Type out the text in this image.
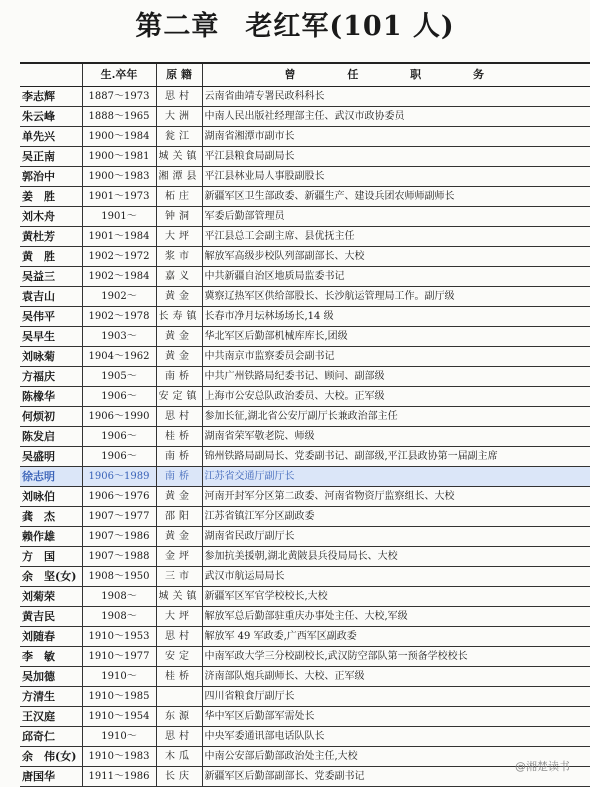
第二章 老红军(101 人)
	生.卒年	原 籍	曾 任 职 务
李志辉	1887～1973	思村	云南省曲靖专署民政科科长
朱云峰	1888～1965	大洲	中南人民出版社经理部主任、武汉市政协委员
单先兴	1900～1984	瓮江	湖南省湘潭市副市长
吴正南	1900～1981	城关镇	平江县粮食局副局长
郭治中	1900～1983	湘潭县	平江县林业局人事股副股长
姜　胜	1901～1973	柘庄	新疆军区卫生部政委、新疆生产、建设兵团农师师副师长
刘木舟	1901～	钟洞	军委后勤部管理员
黄杜芳	1901～1984	大坪	平江县总工会副主席、县优抚主任
黄　胜	1902～1972	浆市	解放军高级步校队列部副部长、大校
吴益三	1902～1984	嘉义	中共新疆自治区地质局监委书记
袁吉山	1902～	黄金	冀察辽热军区供给部股长、长沙航运管理局工作。副厅级
吴伟平	1902～1978	长寿镇	长春市净月坛林场场长,14 级
吴早生	1903～	黄金	华北军区后勤部机械库库长,团级
刘咏菊	1904～1962	黄金	中共南京市监察委员会副书记
方福庆	1905～	南桥	中共广州铁路局纪委书记、顾问、副部级
陈橡华	1906～	安定镇	上海市公安总队政治委员、大校。正军级
何烦初	1906～1990	思村	参加长征,湖北省公安厅副厅长兼政治部主任
陈发启	1906～	桂桥	湖南省荣军敬老院、师级
吴盛明	1906～	南桥	锦州铁路局副局长、党委副书记、副部级,平江县政协第一届副主席
徐志明	1906～1989	南桥	江苏省交通厅副厅长
刘咏伯	1906～1976	黄金	河南开封军分区第二政委、河南省物资厅监察组长、大校
龚　杰	1907～1977	邵阳	江苏省镇江军分区副政委
赖作雄	1907～1986	黄金	湖南省民政厅副厅长
方　国	1907～1988	金坪	参加抗美援朝,湖北黄陂县兵役局局长、大校
余　坚(女)	1908～1950	三市	武汉市航运局局长
刘菊荣	1908～	城关镇	新疆军区军官学校校长,大校
黄吉民	1908～	大坪	解放军总后勤部驻重庆办事处主任、大校,军级
刘随春	1910～1953	思村	解放军 49 军政委,广西军区副政委
李　敏	1910～1977	安定	中南军政大学三分校副校长,武汉防空部队第一预备学校校长
吴加德	1910～	桂桥	济南部队炮兵副师长、大校、正军级
方清生	1910～1985		四川省粮食厅副厅长
王汉庭	1910～1954	东源	华中军区后勤部军需处长
邱奇仁	1910～	思村	中央军委通讯部电话队队长
余　伟(女)	1910～1983	木瓜	中南公安部后勤部政治处主任,大校
唐国华	1911～1986	长庆	新疆军区后勤部副部长、党委副书记
@湘楚读书
